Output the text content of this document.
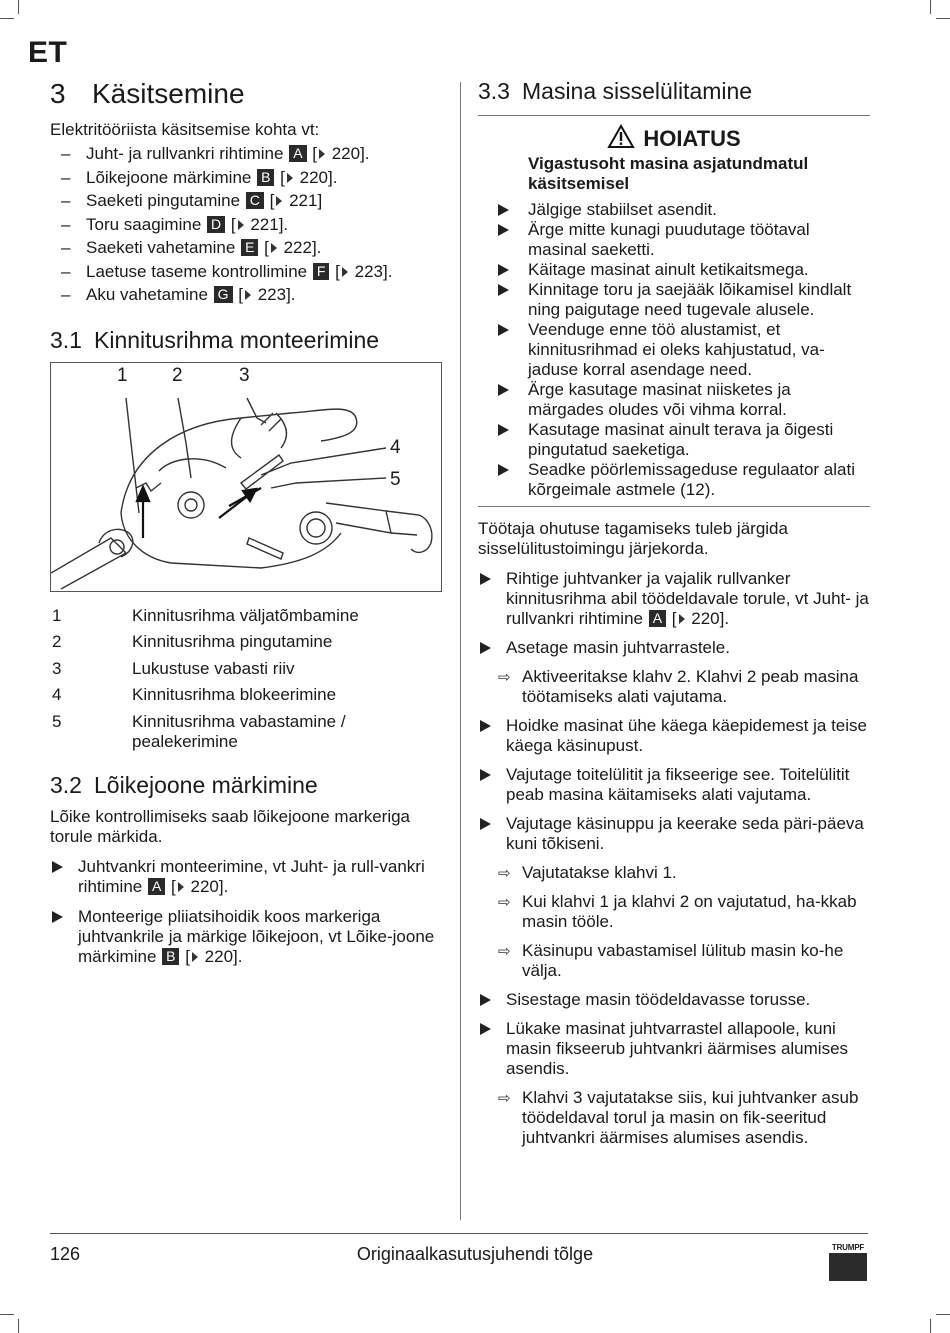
ET
3 Käsitsemine

Elektritööriista käsitsemise kohta vt:

– Juht- ja rullvankri rihtimine A [ 220].
– Lõikejoone märkimine B [ 220].
– Saeketi pingutamine C [ 221]
– Toru saagimine D [ 221].
– Saeketi vahetamine E [ 222].
– Laetuse taseme kontrollimine F [ 223].
– Aku vahetamine G [ 223].
3.1 Kinnitusrihma monteerimine
1 2	3
4
5
1	Kinnitusrihma väljatõmbamine
2	Kinnitusrihma pingutamine
3	Lukustuse vabasti riiv
4	Kinnitusrihma blokeerimine
5	Kinnitusrihma vabastamine / pealekerimine
3.2 Lõikejoone märkimine

Lõike kontrollimiseks saab lõikejoone markeriga torule märkida.

Juhtvankri monteerimine, vt Juht- ja rull-vankri rihtimine A [ 220].
Monteerige pliiatsihoidik koos markeriga juhtvankrile ja märkige lõikejoon, vt Lõike-joone märkimine B [ 220].
3.3 Masina sisselülitamine
HOIATUS
Vigastusoht masina asjatundmatul käsitsemisel
Jälgige stabiilset asendit.
Ärge mitte kunagi puudutage töötaval masinal saeketti.
Käitage masinat ainult ketikaitsmega.
Kinnitage toru ja saejääk lõikamisel kindlalt ning paigutage need tugevale alusele.
Veenduge enne töö alustamist, et kinnitusrihmad ei oleks kahjustatud, va-jaduse korral asendage need.
Ärge kasutage masinat niisketes ja märgades oludes või vihma korral.
Kasutage masinat ainult terava ja õigesti pingutatud saeketiga.
Seadke pöörlemissageduse regulaator alati kõrgeimale astmele (12).

Töötaja ohutuse tagamiseks tuleb järgida sisselülitustoimingu järjekorda.

Rihtige juhtvanker ja vajalik rullvanker kinnitusrihma abil töödeldavale torule, vt Juht- ja rullvankri rihtimine A [ 220].
Asetage masin juhtvarrastele.
⇨ Aktiveeritakse klahv 2. Klahvi 2 peab masina töötamiseks alati vajutama.
Hoidke masinat ühe käega käepidemest ja teise käega käsinupust.
Vajutage toitelülitit ja fikseerige see. Toitelülitit peab masina käitamiseks alati vajutama.
Vajutage käsinuppu ja keerake seda päri-päeva kuni tõkiseni.
⇨ Vajutatakse klahvi 1.
⇨ Kui klahvi 1 ja klahvi 2 on vajutatud, ha-kkab masin tööle.
⇨ Käsinupu vabastamisel lülitub masin ko-he välja.
Sisestage masin töödeldavasse torusse.
Lükake masinat juhtvarrastel allapoole, kuni masin fikseerub juhtvankri äärmises alumises asendis.
⇨ Klahvi 3 vajutatakse siis, kui juhtvanker asub töödeldaval torul ja masin on fik-seeritud juhtvankri äärmises alumises asendis.
126	Originaalkasutusjuhendi tõlge	TRUMPF
